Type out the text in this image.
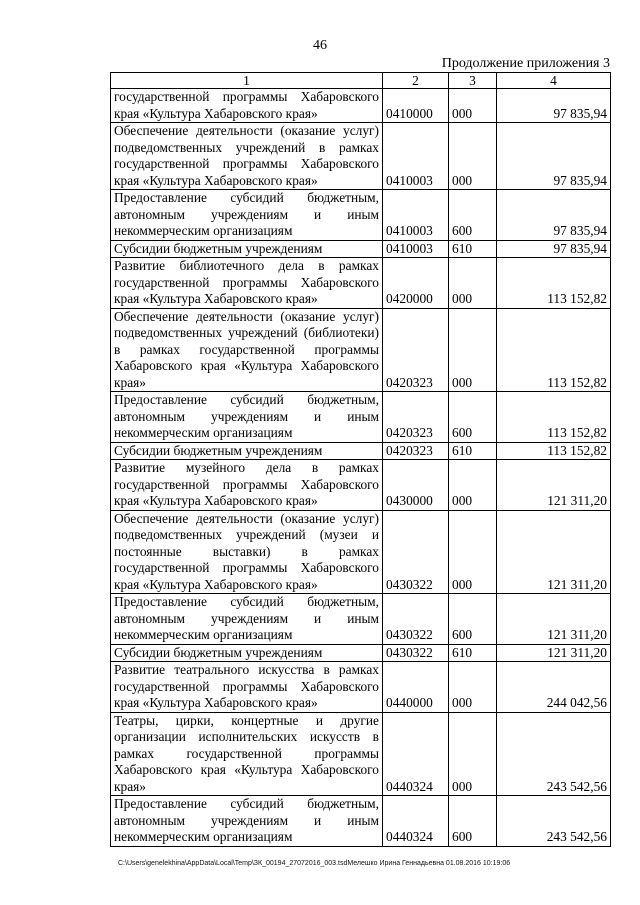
46
Продолжение приложения 3
1	2	3	4
государственной программы Хабаровского края «Культура Хабаровского края»	0410000	000	97 835,94
Обеспечение деятельности (оказание услуг) подведомственных учреждений в рамках государственной программы Хабаровского края «Культура Хабаровского края»	0410003	000	97 835,94
Предоставление субсидий бюджетным, автономным учреждениям и иным некоммерческим организациям	0410003	600	97 835,94
Субсидии бюджетным учреждениям	0410003	610	97 835,94
Развитие библиотечного дела в рамках государственной программы Хабаровского края «Культура Хабаровского края»	0420000	000	113 152,82
Обеспечение деятельности (оказание услуг) подведомственных учреждений (библиотеки) в рамках государственной программы Хабаровского края «Культура Хабаровского края»	0420323	000	113 152,82
Предоставление субсидий бюджетным, автономным учреждениям и иным некоммерческим организациям	0420323	600	113 152,82
Субсидии бюджетным учреждениям	0420323	610	113 152,82
Развитие музейного дела в рамках государственной программы Хабаровского края «Культура Хабаровского края»	0430000	000	121 311,20
Обеспечение деятельности (оказание услуг) подведомственных учреждений (музеи и постоянные выставки) в рамках государственной программы Хабаровского края «Культура Хабаровского края»	0430322	000	121 311,20
Предоставление субсидий бюджетным, автономным учреждениям и иным некоммерческим организациям	0430322	600	121 311,20
Субсидии бюджетным учреждениям	0430322	610	121 311,20
Развитие театрального искусства в рамках государственной программы Хабаровского края «Культура Хабаровского края»	0440000	000	244 042,56
Театры, цирки, концертные и другие организации исполнительских искусств в рамках государственной программы Хабаровского края «Культура Хабаровского края»	0440324	000	243 542,56
Предоставление субсидий бюджетным, автономным учреждениям и иным некоммерческим организациям	0440324	600	243 542,56
C:\Users\genelekhina\AppData\Local\Temp\ЗК_00194_27072016_003.tsdМелешко Ирина Геннадьевна 01.08.2016 10:19:06
